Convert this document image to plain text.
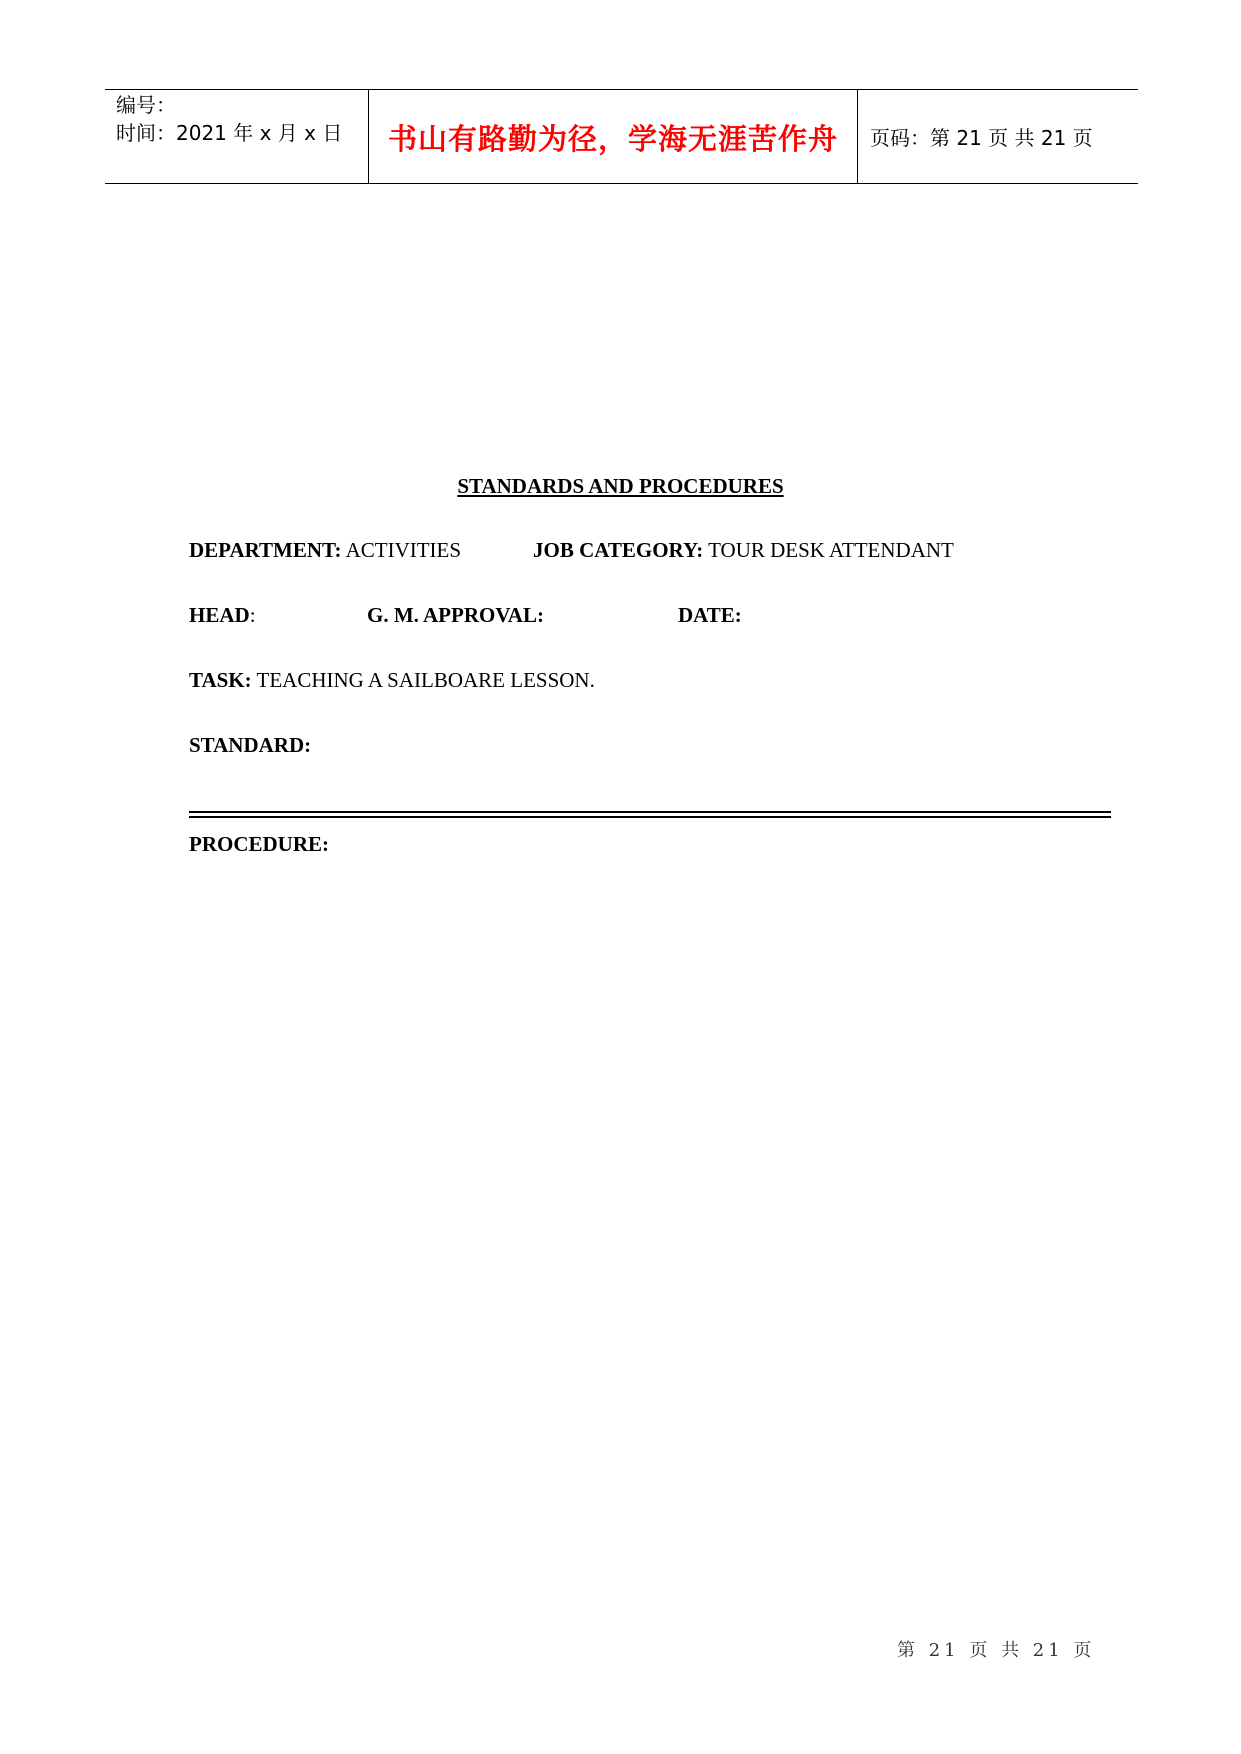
编号：
时间：2021 年 x 月 x 日	书山有路勤为径，学海无涯苦作舟	页码：第 21 页 共 21 页
STANDARDS AND PROCEDURES
DEPARTMENT: ACTIVITIES	JOB CATEGORY: TOUR DESK ATTENDANT
HEAD:	G. M. APPROVAL:	DATE:
TASK: TEACHING A SAILBOARE LESSON.
STANDARD:
PROCEDURE:
第 21 页 共 21 页
